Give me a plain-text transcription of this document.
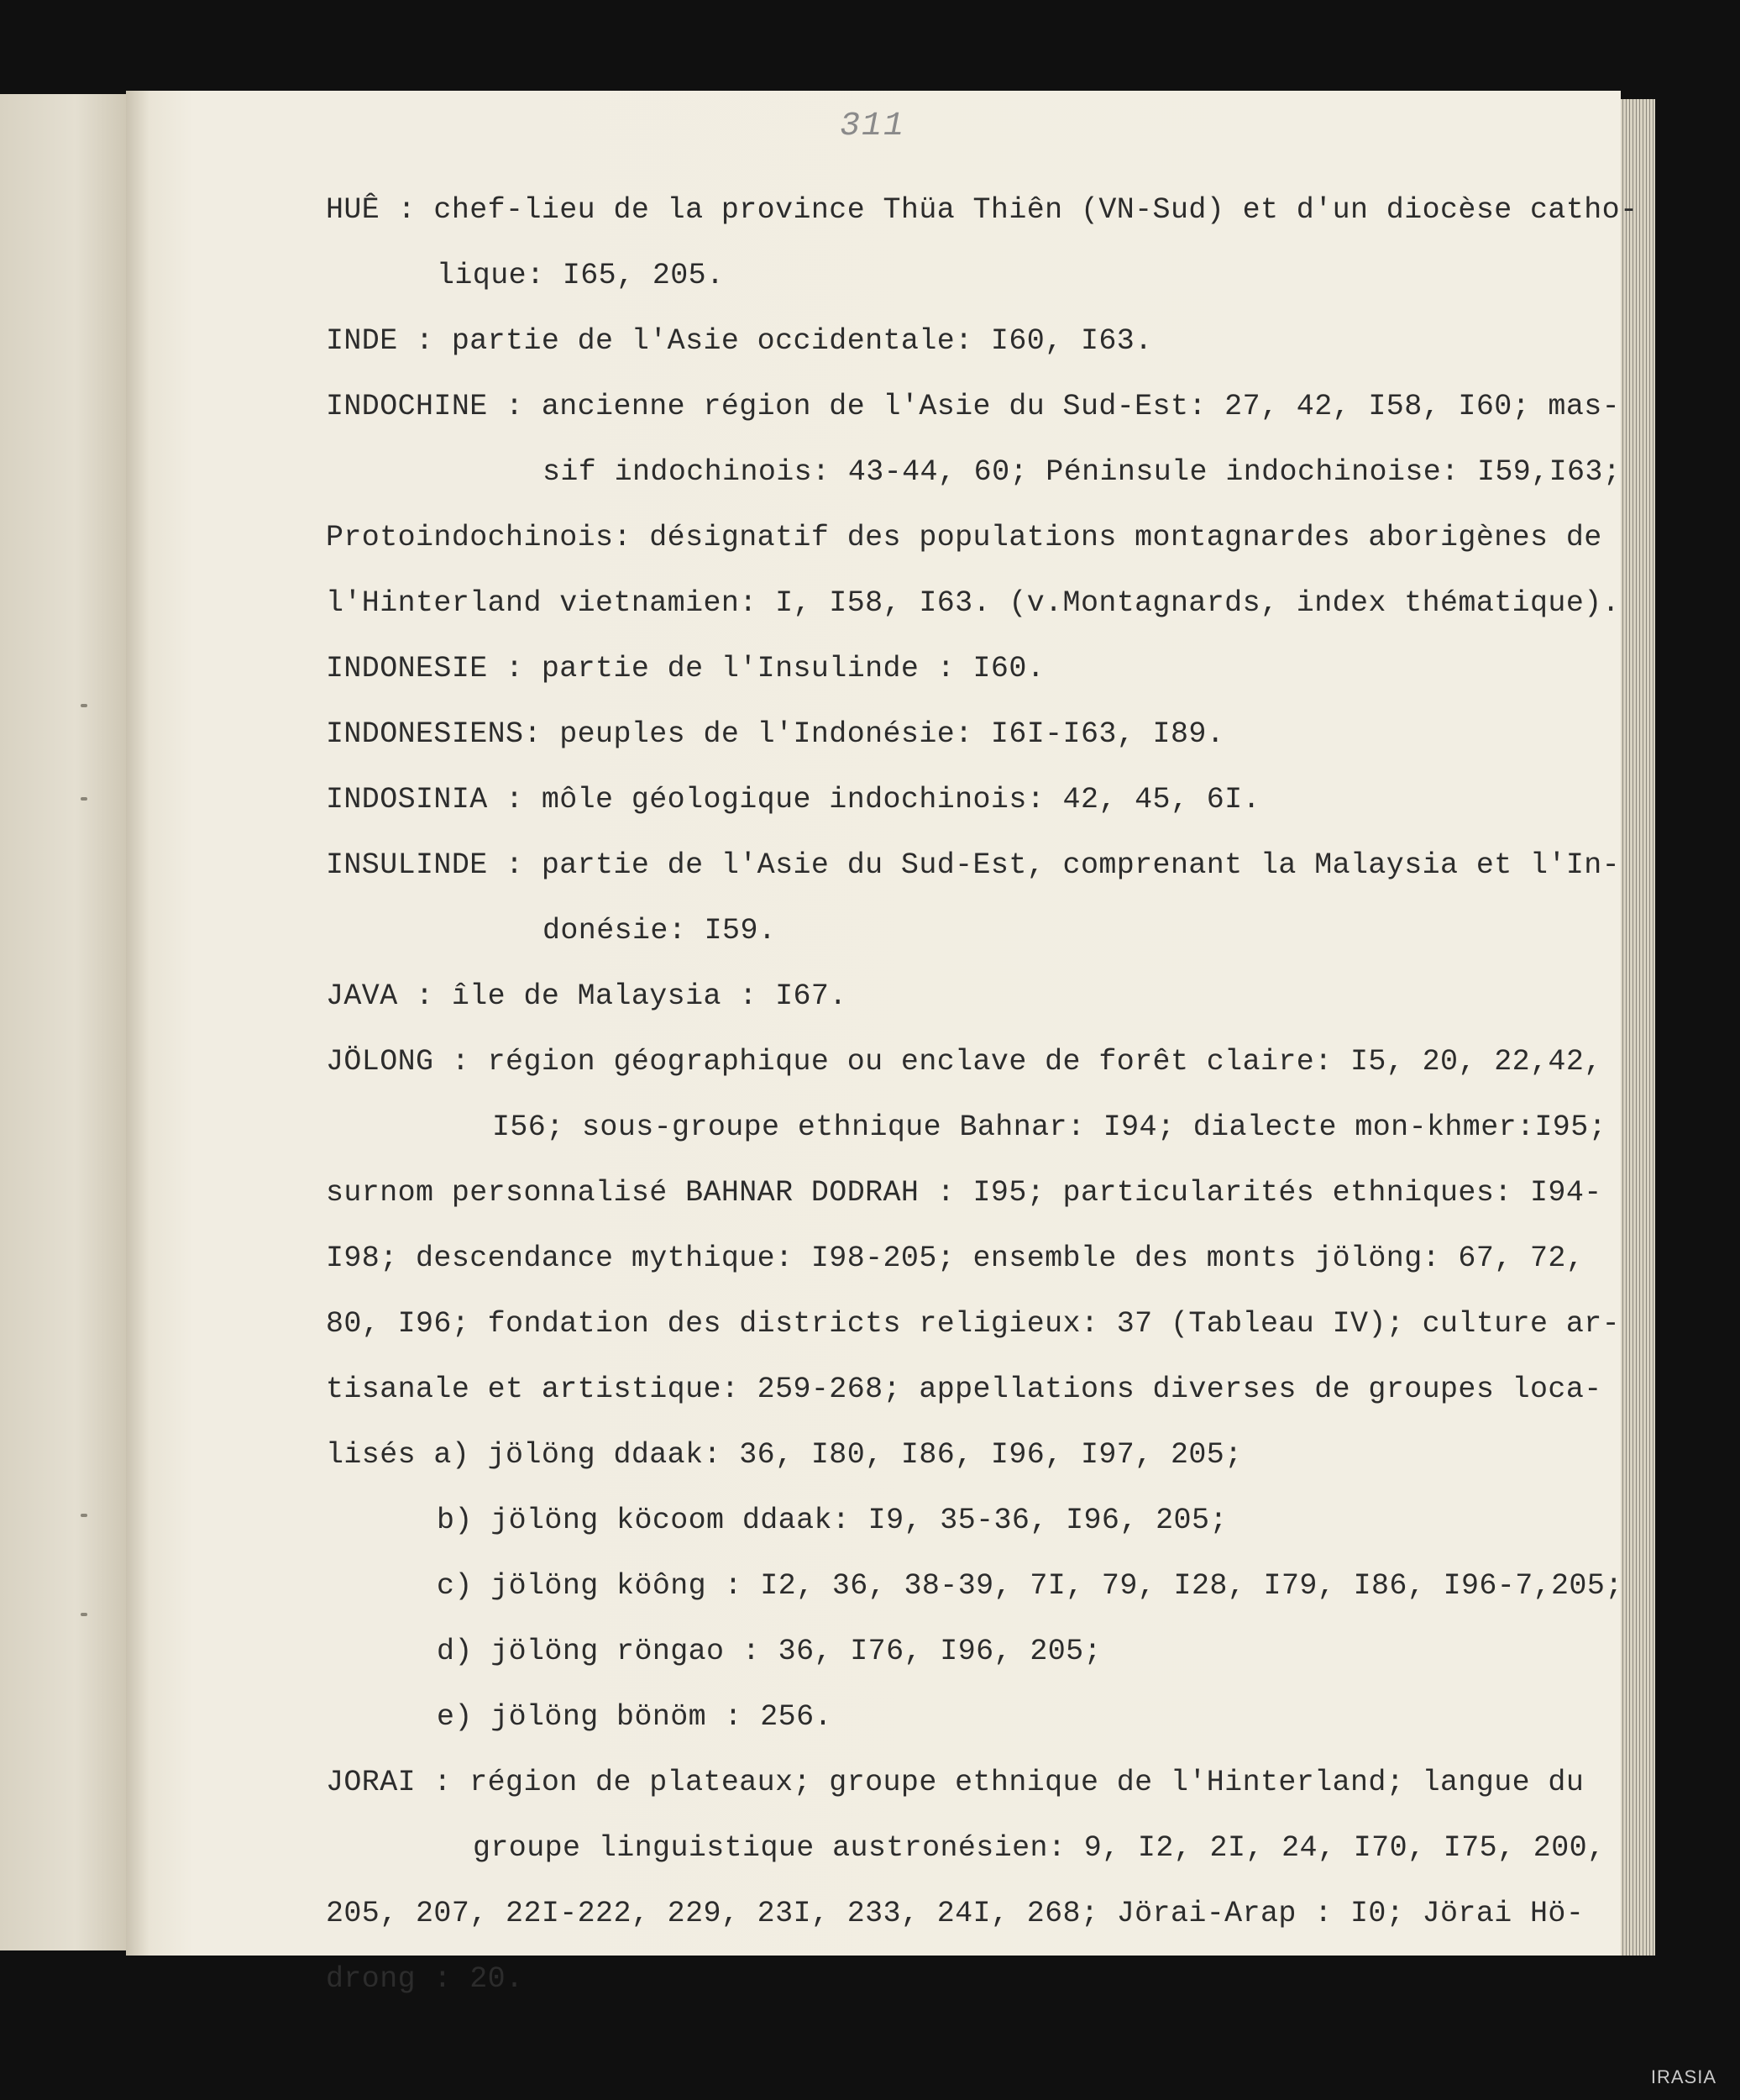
311
HUÊ : chef-lieu de la province Thüa Thiên (VN-Sud) et d'un diocèse catho-
lique: I65, 205.
INDE : partie de l'Asie occidentale: I60, I63.
INDOCHINE : ancienne région de l'Asie du Sud-Est: 27, 42, I58, I60; mas-
sif indochinois: 43-44, 60; Péninsule indochinoise: I59,I63;
Protoindochinois: désignatif des populations montagnardes aborigènes de
l'Hinterland vietnamien: I, I58, I63. (v.Montagnards, index thématique).
INDONESIE : partie de l'Insulinde : I60.
INDONESIENS: peuples de l'Indonésie: I6I-I63, I89.
INDOSINIA : môle géologique indochinois: 42, 45, 6I.
INSULINDE : partie de l'Asie du Sud-Est, comprenant la Malaysia et l'In-
donésie: I59.
JAVA : île de Malaysia : I67.
JÖLONG : région géographique ou enclave de forêt claire: I5, 20, 22,42,
I56; sous-groupe ethnique Bahnar: I94; dialecte mon-khmer:I95;
surnom personnalisé BAHNAR DODRAH : I95; particularités ethniques: I94-
I98; descendance mythique: I98-205; ensemble des monts jölöng: 67, 72,
80, I96; fondation des districts religieux: 37 (Tableau IV); culture ar-
tisanale et artistique: 259-268; appellations diverses de groupes loca-
lisés a) jölöng ddaak: 36, I80, I86, I96, I97, 205;
b) jölöng köcoom ddaak: I9, 35-36, I96, 205;
c) jölöng köông : I2, 36, 38-39, 7I, 79, I28, I79, I86, I96-7,205;
d) jölöng röngao : 36, I76, I96, 205;
e) jölöng bönöm : 256.
JORAI : région de plateaux; groupe ethnique de l'Hinterland; langue du
groupe linguistique austronésien: 9, I2, 2I, 24, I70, I75, 200,
205, 207, 22I-222, 229, 23I, 233, 24I, 268; Jörai-Arap : I0; Jörai Hö-
drong : 20.
IRASIA
